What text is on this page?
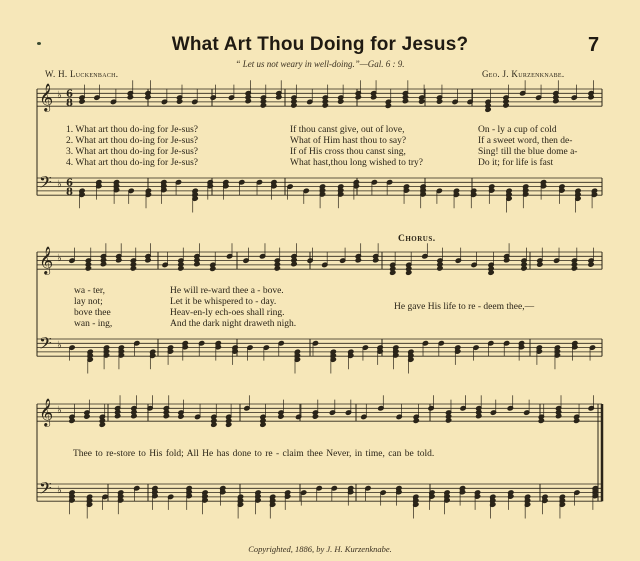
What Art Thou Doing for Jesus?	7
“ Let us not weary in well-doing.”—Gal. 6 : 9.
W. H. Luckenbach.	Geo. J. Kurzenknabe.
𝄞 ♭
𝄢 ♭
𝄞 ♭
𝄢 ♭
𝄞 ♭
𝄢 ♭
6
8
6
8
1. What art thou do-ing for Je-sus?	If thou canst give, out of love,	On - ly a cup of cold
2. What art thou do-ing for Je-sus?	What of Him hast thou to say?	If a sweet word, then de-
3. What art thou do-ing for Je-sus?	If of His cross thou canst sing,	Sing! till the blue dome a-
4. What art thou do-ing for Je-sus?	What hast,thou long wished to try?	Do it; for life is fast
wa - ter,	He will re-ward thee a - bove.
lay not;	Let it be whispered to - day.
bove thee	Heav-en-ly ech-oes shall ring.
wan - ing,	And the dark night draweth nigh.
Chorus.
He gave His life to re - deem thee,—
Thee to re-store to His fold; All He has done to re - claim thee Never, in time, can be told.
Copyrighted, 1886, by J. H. Kurzenknabe.
